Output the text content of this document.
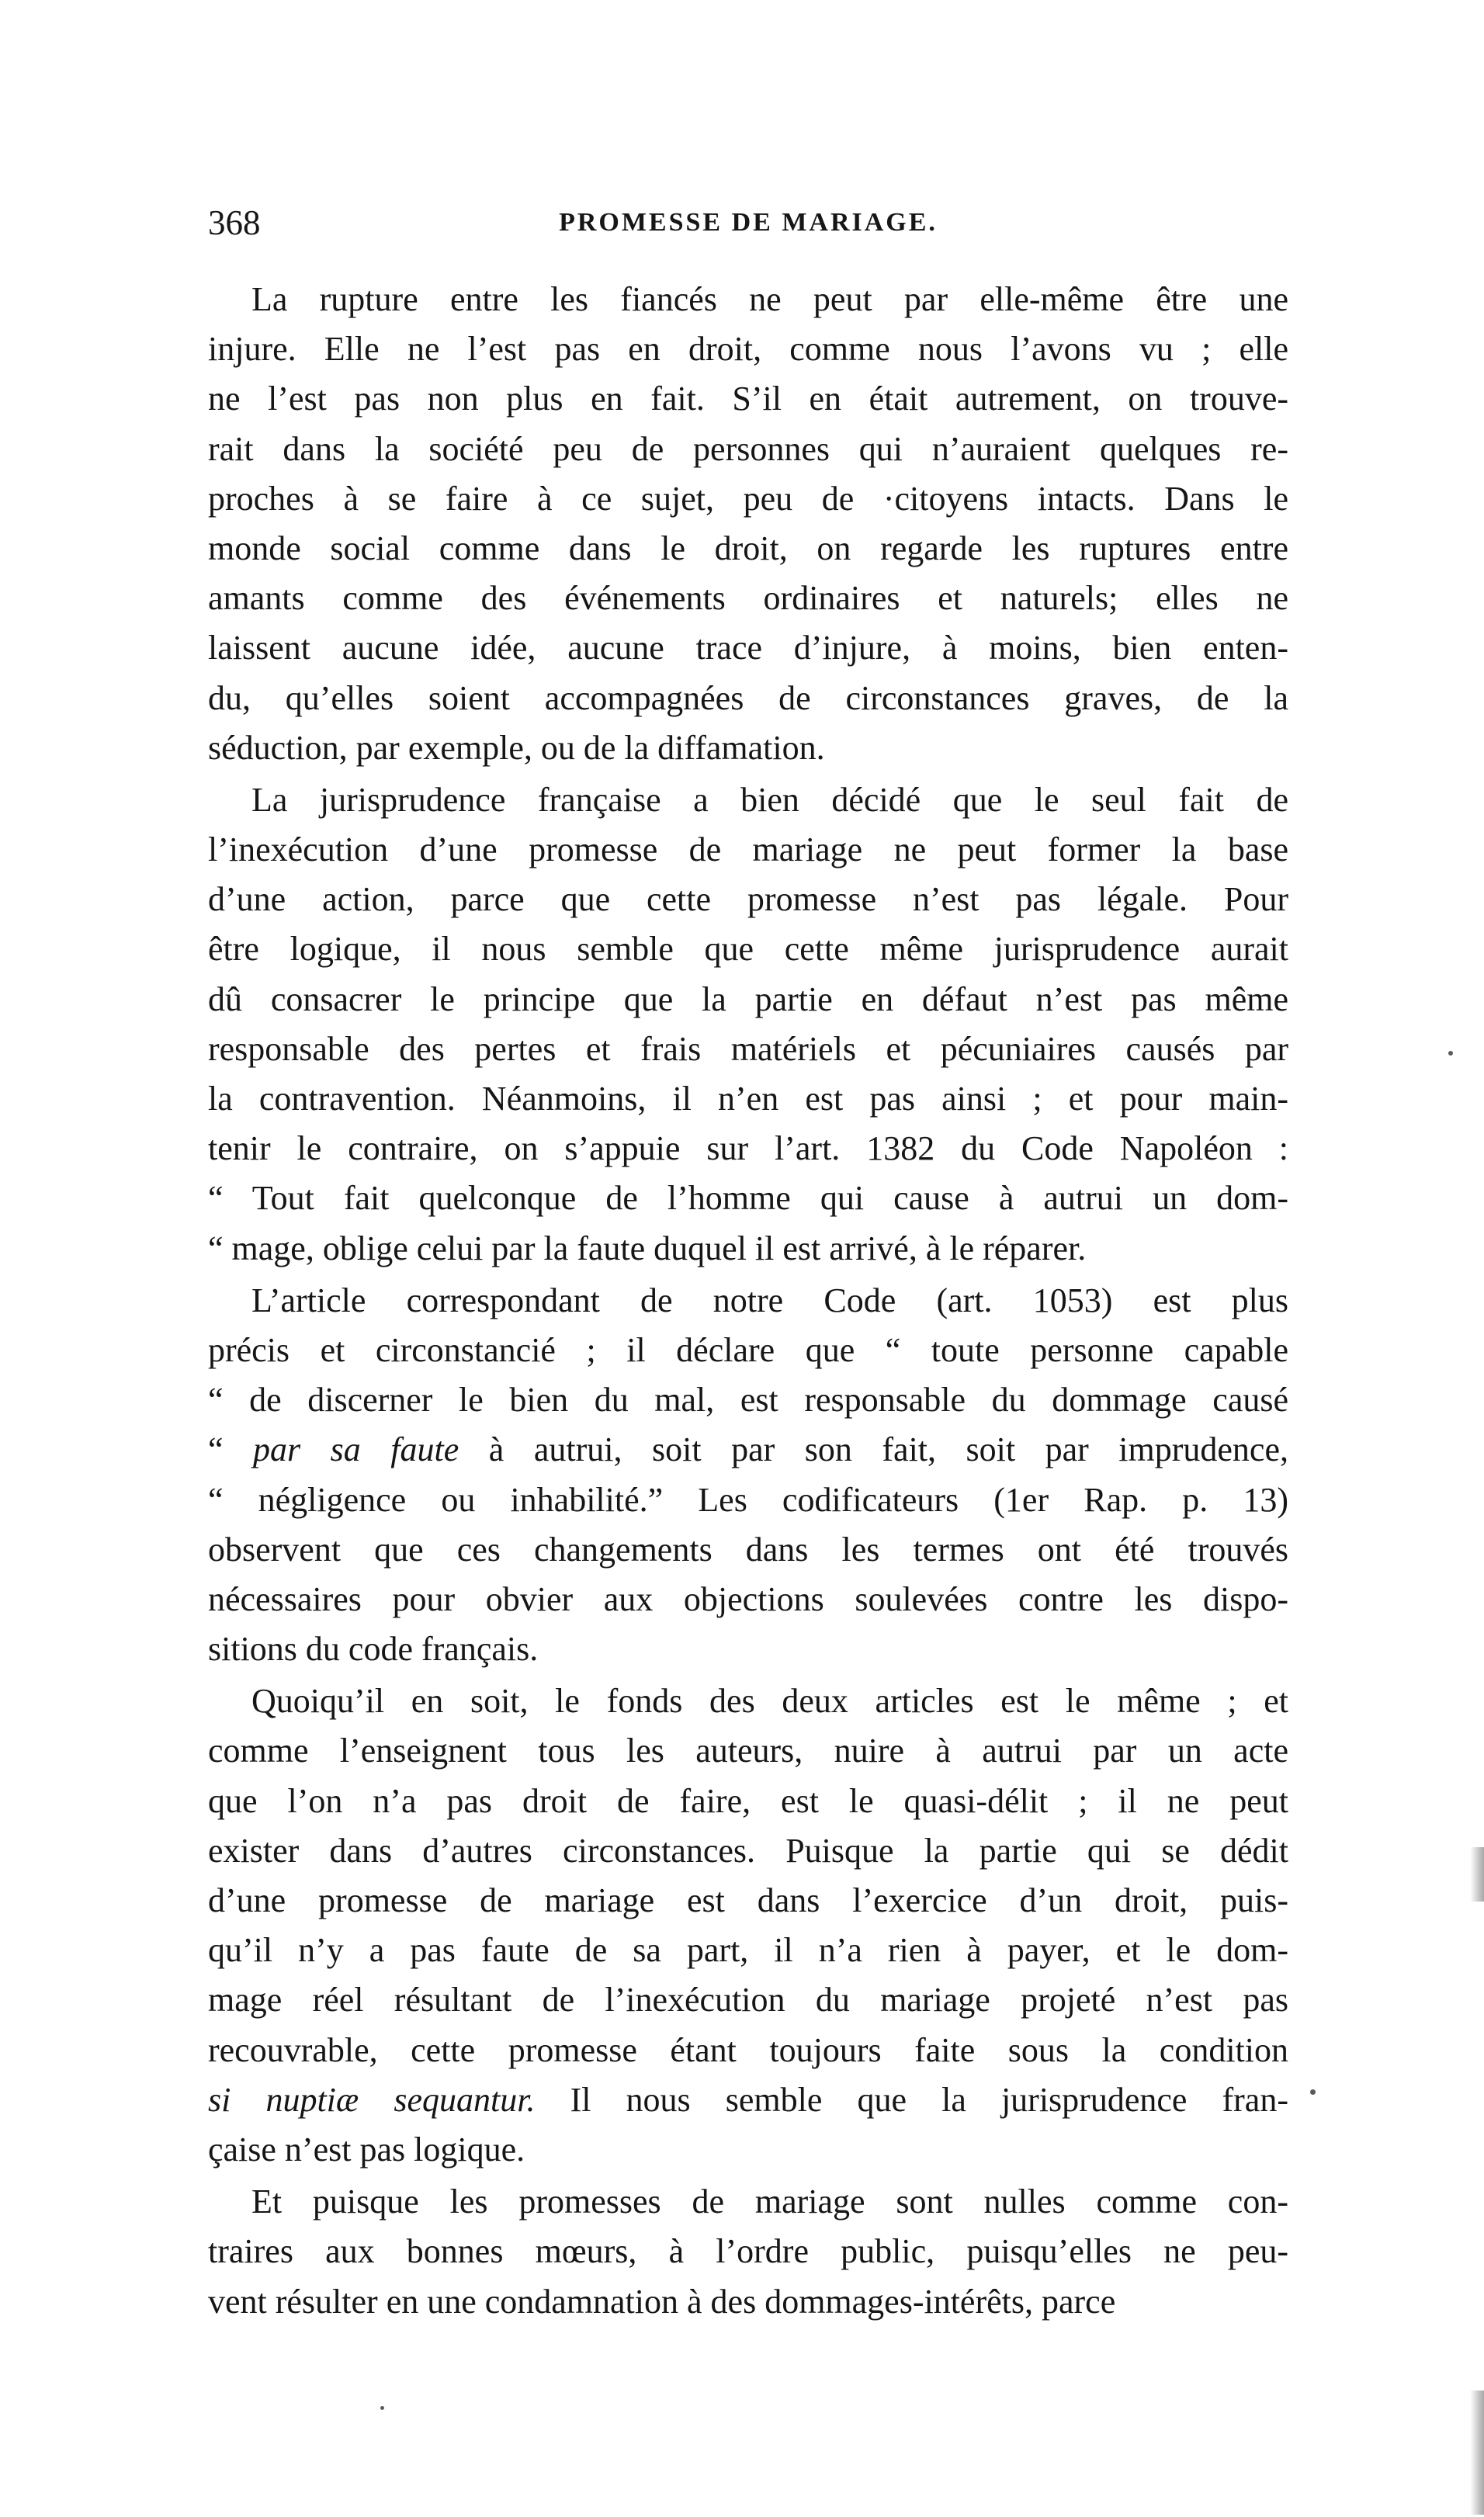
368	PROMESSE DE MARIAGE.
La rupture entre les fiancés ne peut par elle-même être une
injure. Elle ne l’est pas en droit, comme nous l’avons vu ; elle
ne l’est pas non plus en fait. S’il en était autrement, on trouve-
rait dans la société peu de personnes qui n’auraient quelques re-
proches à se faire à ce sujet, peu de ·citoyens intacts. Dans le
monde social comme dans le droit, on regarde les ruptures entre
amants comme des événements ordinaires et naturels; elles ne
laissent aucune idée, aucune trace d’injure, à moins, bien enten-
du, qu’elles soient accompagnées de circonstances graves, de la
séduction, par exemple, ou de la diffamation.
La jurisprudence française a bien décidé que le seul fait de
l’inexécution d’une promesse de mariage ne peut former la base
d’une action, parce que cette promesse n’est pas légale. Pour
être logique, il nous semble que cette même jurisprudence aurait
dû consacrer le principe que la partie en défaut n’est pas même
responsable des pertes et frais matériels et pécuniaires causés par
la contravention. Néanmoins, il n’en est pas ainsi ; et pour main-
tenir le contraire, on s’appuie sur l’art. 1382 du Code Napoléon :
“ Tout fait quelconque de l’homme qui cause à autrui un dom-
“ mage, oblige celui par la faute duquel il est arrivé, à le réparer.
L’article correspondant de notre Code (art. 1053) est plus
précis et circonstancié ; il déclare que “ toute personne capable
“ de discerner le bien du mal, est responsable du dommage causé
“ par sa faute à autrui, soit par son fait, soit par imprudence,
“ négligence ou inhabilité.” Les codificateurs (1er Rap. p. 13)
observent que ces changements dans les termes ont été trouvés
nécessaires pour obvier aux objections soulevées contre les dispo-
sitions du code français.
Quoiqu’il en soit, le fonds des deux articles est le même ; et
comme l’enseignent tous les auteurs, nuire à autrui par un acte
que l’on n’a pas droit de faire, est le quasi-délit ; il ne peut
exister dans d’autres circonstances. Puisque la partie qui se dédit
d’une promesse de mariage est dans l’exercice d’un droit, puis-
qu’il n’y a pas faute de sa part, il n’a rien à payer, et le dom-
mage réel résultant de l’inexécution du mariage projeté n’est pas
recouvrable, cette promesse étant toujours faite sous la condition
si nuptiæ sequantur. Il nous semble que la jurisprudence fran-
çaise n’est pas logique.
Et puisque les promesses de mariage sont nulles comme con-
traires aux bonnes mœurs, à l’ordre public, puisqu’elles ne peu-
vent résulter en une condamnation à des dommages-intérêts, parce
